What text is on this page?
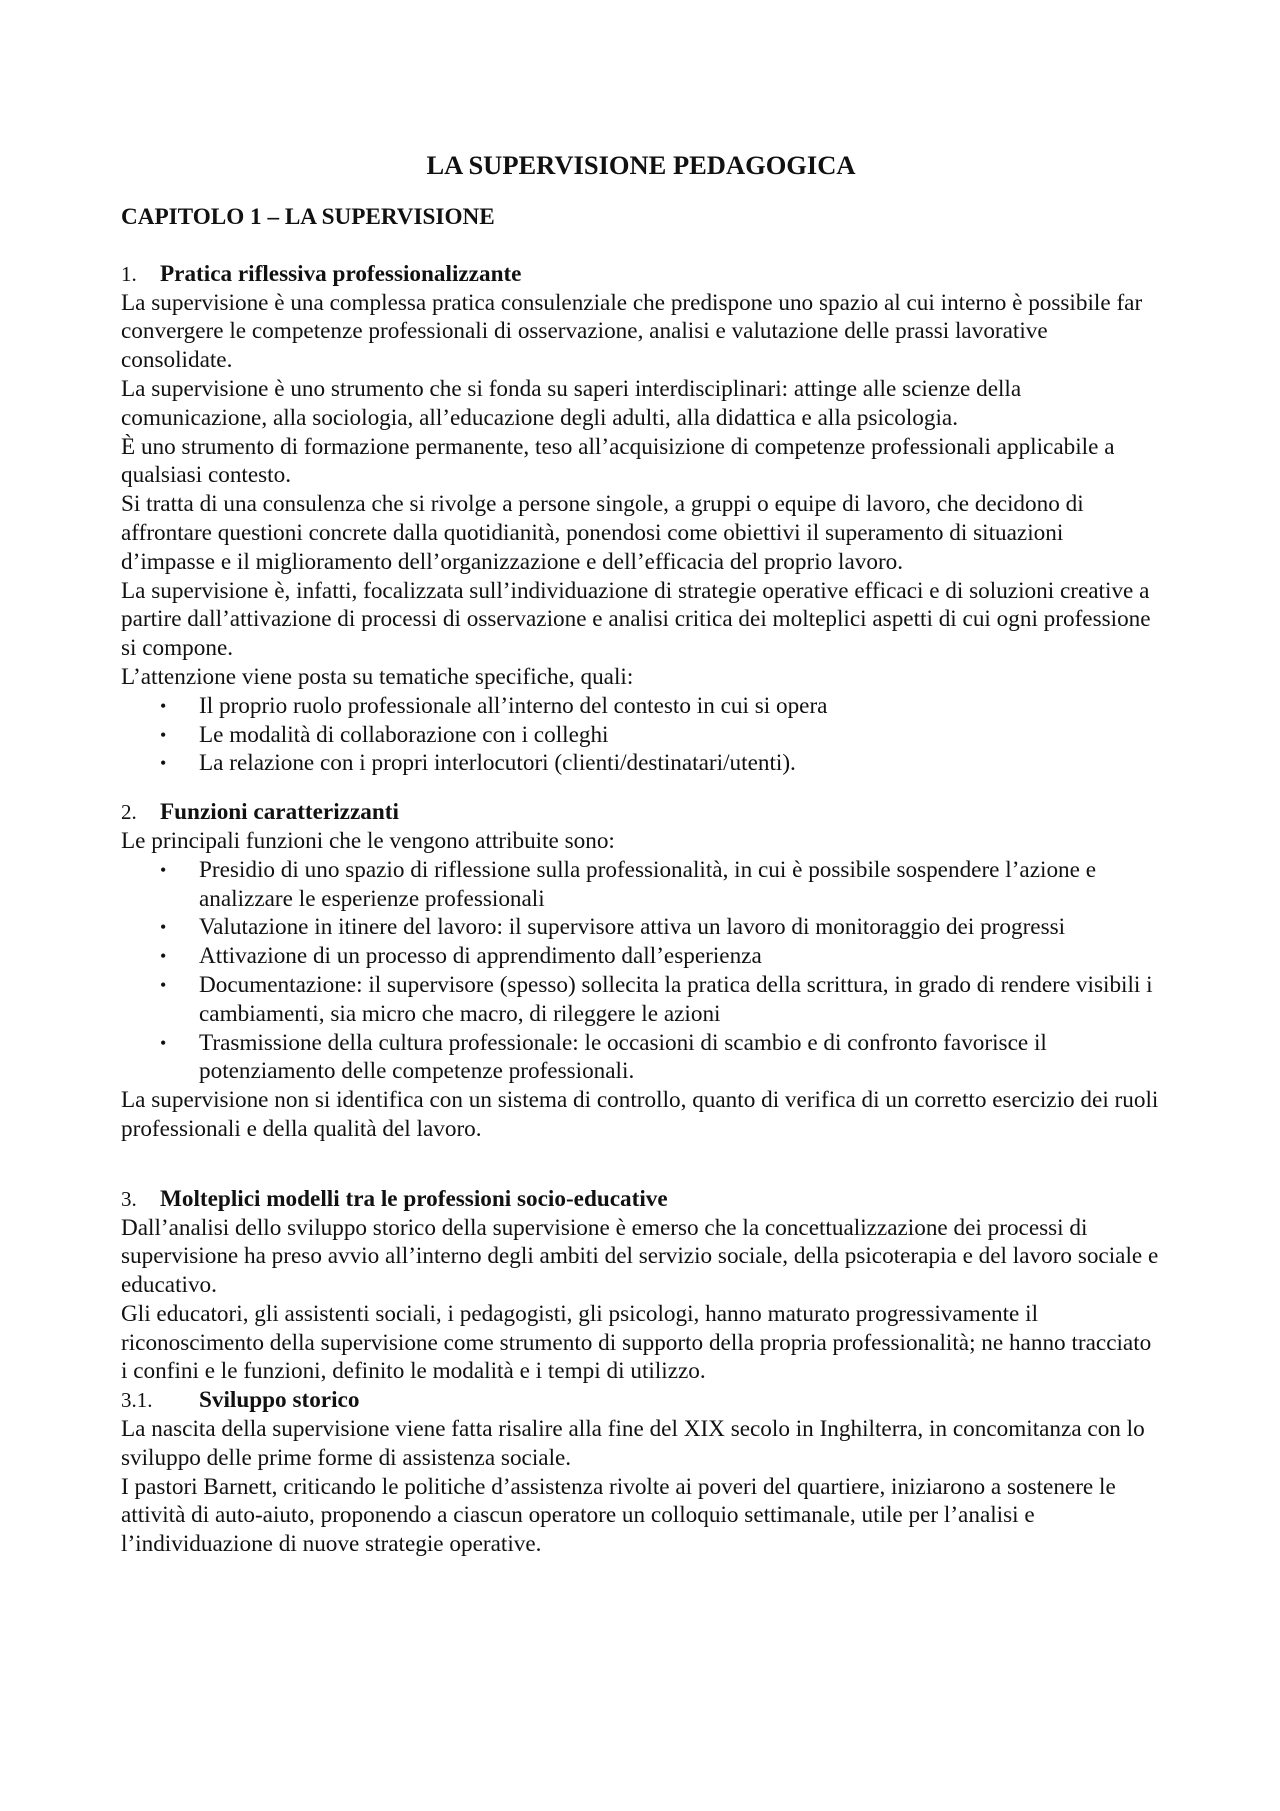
LA SUPERVISIONE PEDAGOGICA

CAPITOLO 1 – LA SUPERVISIONE

1.	Pratica riflessiva professionalizzante

La supervisione è una complessa pratica consulenziale che predispone uno spazio al cui interno è possibile far convergere le competenze professionali di osservazione, analisi e valutazione delle prassi lavorative consolidate.

La supervisione è uno strumento che si fonda su saperi interdisciplinari: attinge alle scienze della comunicazione, alla sociologia, all’educazione degli adulti, alla didattica e alla psicologia.

È uno strumento di formazione permanente, teso all’acquisizione di competenze professionali applicabile a qualsiasi contesto.

Si tratta di una consulenza che si rivolge a persone singole, a gruppi o equipe di lavoro, che decidono di affrontare questioni concrete dalla quotidianità, ponendosi come obiettivi il superamento di situazioni d’impasse e il miglioramento dell’organizzazione e dell’efficacia del proprio lavoro.

La supervisione è, infatti, focalizzata sull’individuazione di strategie operative efficaci e di soluzioni creative a partire dall’attivazione di processi di osservazione e analisi critica dei molteplici aspetti di cui ogni professione si compone.

L’attenzione viene posta su tematiche specifiche, quali:

• Il proprio ruolo professionale all’interno del contesto in cui si opera
• Le modalità di collaborazione con i colleghi
• La relazione con i propri interlocutori (clienti/destinatari/utenti).
2.	Funzioni caratterizzanti

Le principali funzioni che le vengono attribuite sono:

• Presidio di uno spazio di riflessione sulla professionalità, in cui è possibile sospendere l’azione e analizzare le esperienze professionali
• Valutazione in itinere del lavoro: il supervisore attiva un lavoro di monitoraggio dei progressi
• Attivazione di un processo di apprendimento dall’esperienza
• Documentazione: il supervisore (spesso) sollecita la pratica della scrittura, in grado di rendere visibili i cambiamenti, sia micro che macro, di rileggere le azioni
• Trasmissione della cultura professionale: le occasioni di scambio e di confronto favorisce il potenziamento delle competenze professionali.

La supervisione non si identifica con un sistema di controllo, quanto di verifica di un corretto esercizio dei ruoli professionali e della qualità del lavoro.

3.	Molteplici modelli tra le professioni socio-educative

Dall’analisi dello sviluppo storico della supervisione è emerso che la concettualizzazione dei processi di supervisione ha preso avvio all’interno degli ambiti del servizio sociale, della psicoterapia e del lavoro sociale e educativo.

Gli educatori, gli assistenti sociali, i pedagogisti, gli psicologi, hanno maturato progressivamente il riconoscimento della supervisione come strumento di supporto della propria professionalità; ne hanno tracciato i confini e le funzioni, definito le modalità e i tempi di utilizzo.

3.1.	Sviluppo storico

La nascita della supervisione viene fatta risalire alla fine del XIX secolo in Inghilterra, in concomitanza con lo sviluppo delle prime forme di assistenza sociale.

I pastori Barnett, criticando le politiche d’assistenza rivolte ai poveri del quartiere, iniziarono a sostenere le attività di auto-aiuto, proponendo a ciascun operatore un colloquio settimanale, utile per l’analisi e l’individuazione di nuove strategie operative.
